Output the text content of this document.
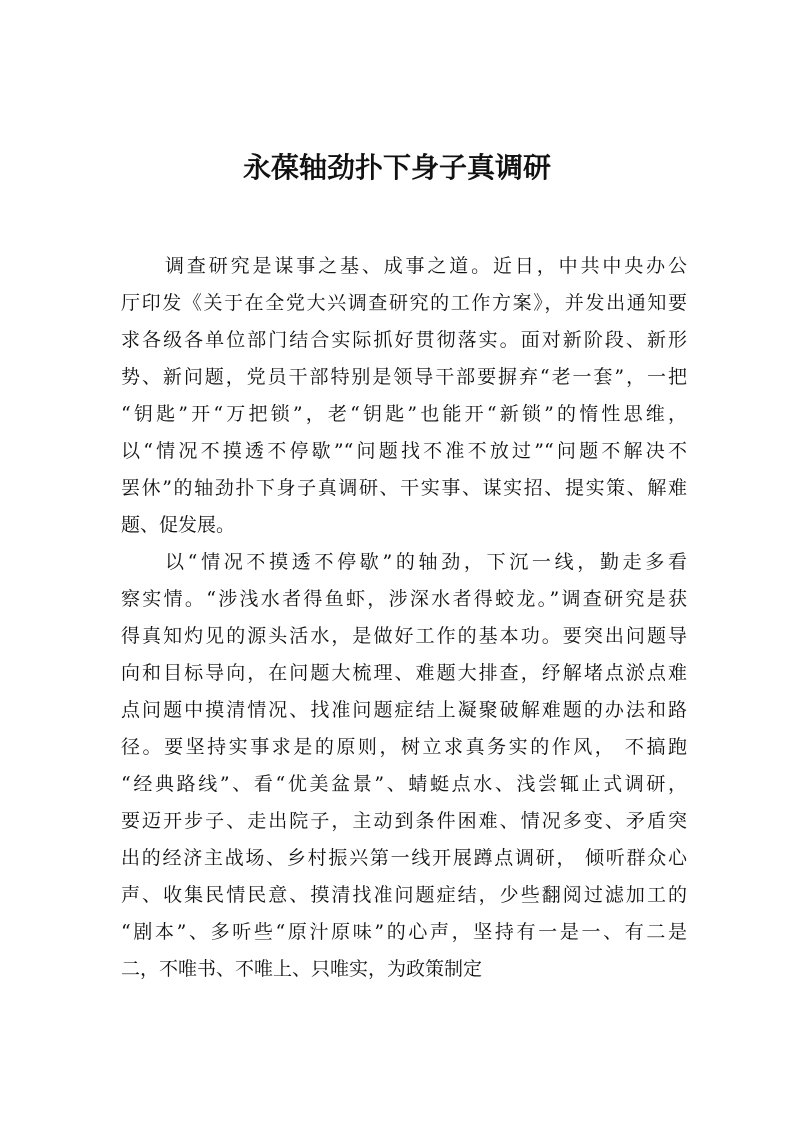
永葆轴劲扑下身子真调研
调查研究是谋事之基、成事之道。近日，中共中央办公
厅印发《关于在全党大兴调查研究的工作方案》，并发出通知要
求各级各单位部门结合实际抓好贯彻落实。面对新阶段、新形
势、新问题，党员干部特别是领导干部要摒弃“老一套”，一把
“钥匙”开“万把锁”，老“钥匙”也能开“新锁”的惰性思维，
以“情况不摸透不停歇”“问题找不准不放过”“问题不解决不
罢休”的轴劲扑下身子真调研、干实事、谋实招、提实策、解难
题、促发展。
以“情况不摸透不停歇”的轴劲，下沉一线，勤走多看
察实情。“涉浅水者得鱼虾，涉深水者得蛟龙。”调查研究是获
得真知灼见的源头活水，是做好工作的基本功。要突出问题导
向和目标导向，在问题大梳理、难题大排查，纾解堵点淤点难
点问题中摸清情况、找准问题症结上凝聚破解难题的办法和路
径。要坚持实事求是的原则，树立求真务实的作风， 不搞跑
“经典路线”、看“优美盆景”、蜻蜓点水、浅尝辄止式调研，
要迈开步子、走出院子，主动到条件困难、情况多变、矛盾突
出的经济主战场、乡村振兴第一线开展蹲点调研， 倾听群众心
声、收集民情民意、摸清找准问题症结，少些翻阅过滤加工的
“剧本”、多听些“原汁原味”的心声，坚持有一是一、有二是
二，不唯书、不唯上、只唯实，为政策制定
